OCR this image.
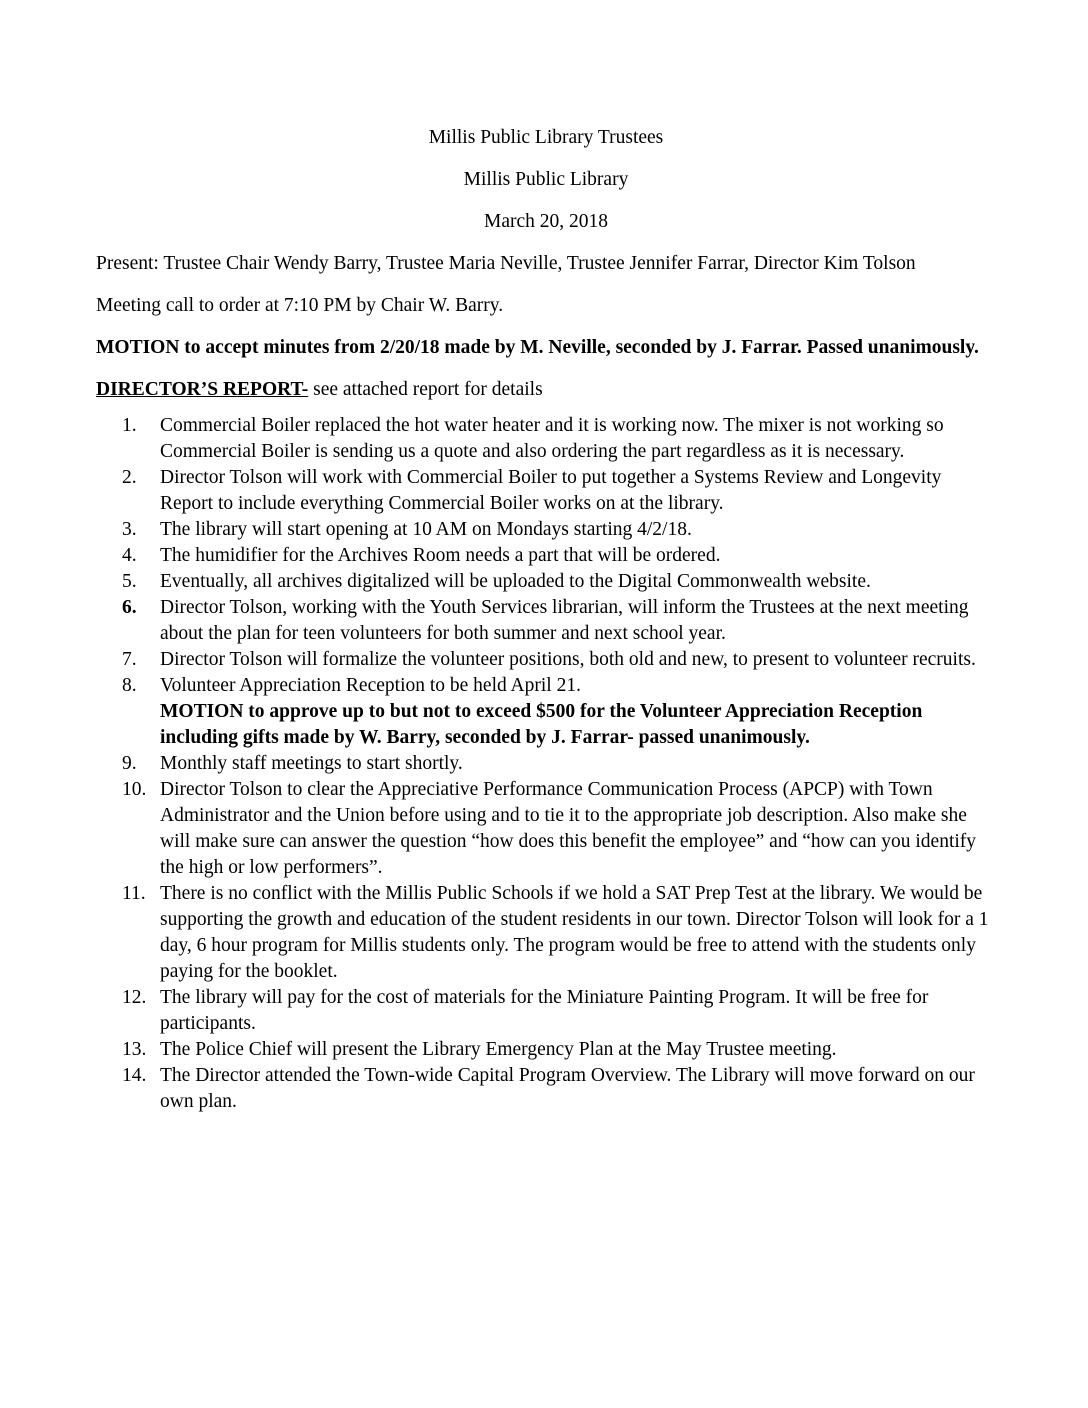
Millis Public Library Trustees
Millis Public Library
March 20, 2018
Present: Trustee Chair Wendy Barry, Trustee Maria Neville, Trustee Jennifer Farrar, Director Kim Tolson
Meeting call to order at 7:10 PM by Chair W. Barry.
MOTION to accept minutes from 2/20/18 made by M. Neville, seconded by J. Farrar. Passed unanimously.
DIRECTOR’S REPORT- see attached report for details
1.	Commercial Boiler replaced the hot water heater and it is working now. The mixer is not working so Commercial Boiler is sending us a quote and also ordering the part regardless as it is necessary.
2.	Director Tolson will work with Commercial Boiler to put together a Systems Review and Longevity Report to include everything Commercial Boiler works on at the library.
3.	The library will start opening at 10 AM on Mondays starting 4/2/18.
4.	The humidifier for the Archives Room needs a part that will be ordered.
5.	Eventually, all archives digitalized will be uploaded to the Digital Commonwealth website.
6.	Director Tolson, working with the Youth Services librarian, will inform the Trustees at the next meeting about the plan for teen volunteers for both summer and next school year.
7.	Director Tolson will formalize the volunteer positions, both old and new, to present to volunteer recruits.
8.	Volunteer Appreciation Reception to be held April 21.
MOTION to approve up to but not to exceed $500 for the Volunteer Appreciation Reception including gifts made by W. Barry, seconded by J. Farrar- passed unanimously.
9.	Monthly staff meetings to start shortly.
10. Director Tolson to clear the Appreciative Performance Communication Process (APCP) with Town Administrator and the Union before using and to tie it to the appropriate job description. Also make she will make sure can answer the question “how does this benefit the employee” and “how can you identify the high or low performers”.
11. There is no conflict with the Millis Public Schools if we hold a SAT Prep Test at the library. We would be supporting the growth and education of the student residents in our town. Director Tolson will look for a 1 day, 6 hour program for Millis students only. The program would be free to attend with the students only paying for the booklet.
12. The library will pay for the cost of materials for the Miniature Painting Program. It will be free for participants.
13. The Police Chief will present the Library Emergency Plan at the May Trustee meeting.
14. The Director attended the Town-wide Capital Program Overview. The Library will move forward on our own plan.
